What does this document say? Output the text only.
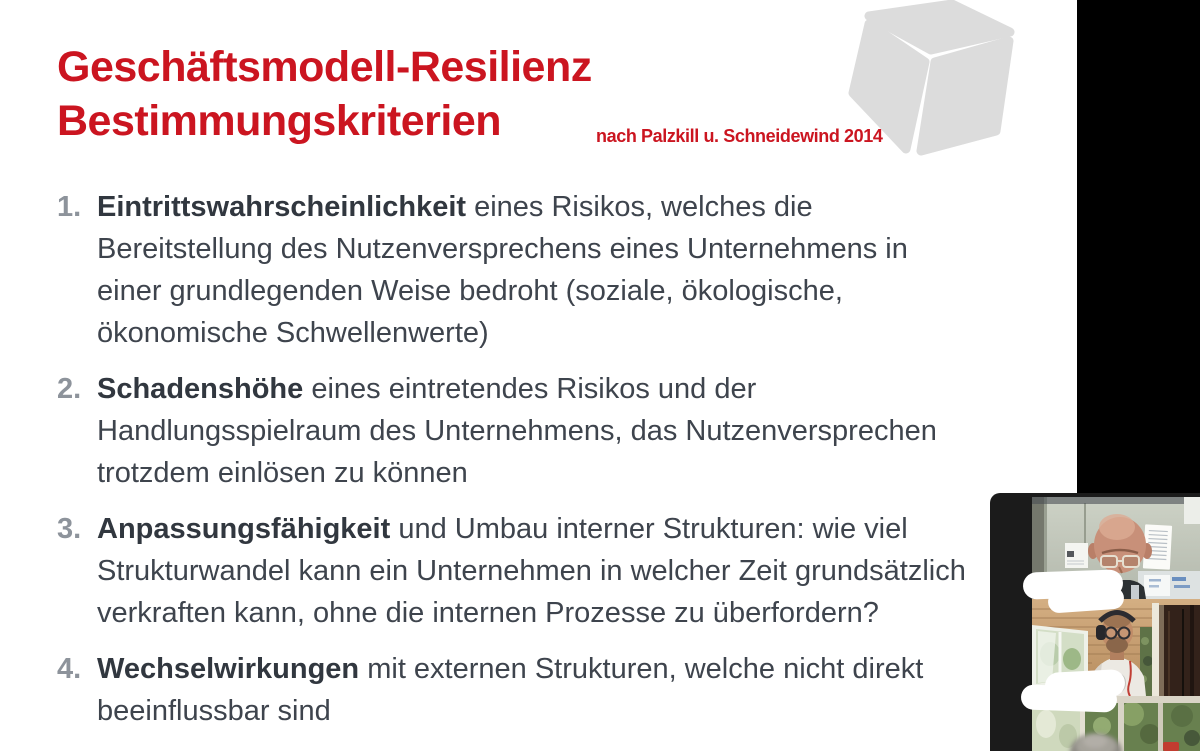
Geschäftsmodell-Resilienz
Bestimmungskriterien	nach Palzkill u. Schneidewind 2014
1. Eintrittswahrscheinlichkeit eines Risikos, welches die
Bereitstellung des Nutzenversprechens eines Unternehmens in
einer grundlegenden Weise bedroht (soziale, ökologische,
ökonomische Schwellenwerte)
2. Schadenshöhe eines eintretendes Risikos und der
Handlungsspielraum des Unternehmens, das Nutzenversprechen
trotzdem einlösen zu können
3. Anpassungsfähigkeit und Umbau interner Strukturen: wie viel
Strukturwandel kann ein Unternehmen in welcher Zeit grundsätzlich
verkraften kann, ohne die internen Prozesse zu überfordern?
4. Wechselwirkungen mit externen Strukturen, welche nicht direkt
beeinflussbar sind
